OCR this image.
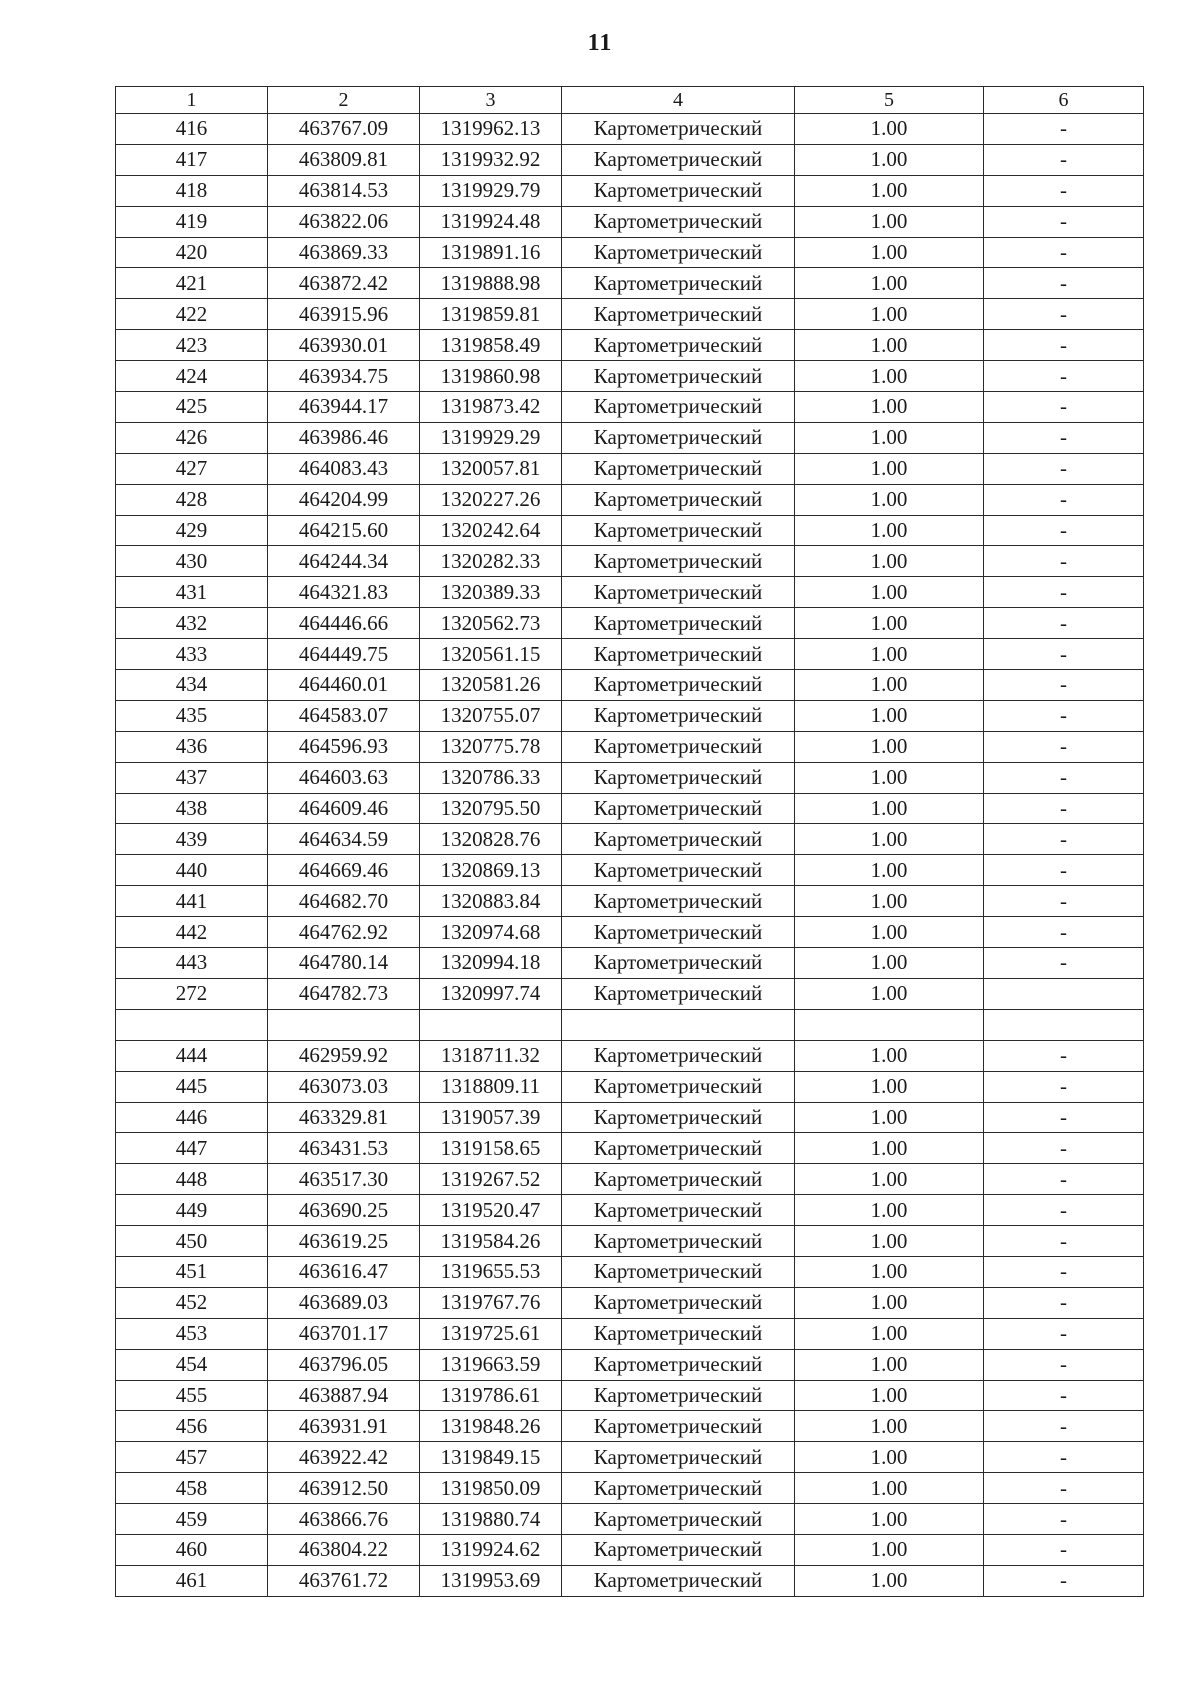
11
1	2	3	4	5	6
416	463767.09	1319962.13	Картометрический	1.00	-
417	463809.81	1319932.92	Картометрический	1.00	-
418	463814.53	1319929.79	Картометрический	1.00	-
419	463822.06	1319924.48	Картометрический	1.00	-
420	463869.33	1319891.16	Картометрический	1.00	-
421	463872.42	1319888.98	Картометрический	1.00	-
422	463915.96	1319859.81	Картометрический	1.00	-
423	463930.01	1319858.49	Картометрический	1.00	-
424	463934.75	1319860.98	Картометрический	1.00	-
425	463944.17	1319873.42	Картометрический	1.00	-
426	463986.46	1319929.29	Картометрический	1.00	-
427	464083.43	1320057.81	Картометрический	1.00	-
428	464204.99	1320227.26	Картометрический	1.00	-
429	464215.60	1320242.64	Картометрический	1.00	-
430	464244.34	1320282.33	Картометрический	1.00	-
431	464321.83	1320389.33	Картометрический	1.00	-
432	464446.66	1320562.73	Картометрический	1.00	-
433	464449.75	1320561.15	Картометрический	1.00	-
434	464460.01	1320581.26	Картометрический	1.00	-
435	464583.07	1320755.07	Картометрический	1.00	-
436	464596.93	1320775.78	Картометрический	1.00	-
437	464603.63	1320786.33	Картометрический	1.00	-
438	464609.46	1320795.50	Картометрический	1.00	-
439	464634.59	1320828.76	Картометрический	1.00	-
440	464669.46	1320869.13	Картометрический	1.00	-
441	464682.70	1320883.84	Картометрический	1.00	-
442	464762.92	1320974.68	Картометрический	1.00	-
443	464780.14	1320994.18	Картометрический	1.00	-
272	464782.73	1320997.74	Картометрический	1.00	

444	462959.92	1318711.32	Картометрический	1.00	-
445	463073.03	1318809.11	Картометрический	1.00	-
446	463329.81	1319057.39	Картометрический	1.00	-
447	463431.53	1319158.65	Картометрический	1.00	-
448	463517.30	1319267.52	Картометрический	1.00	-
449	463690.25	1319520.47	Картометрический	1.00	-
450	463619.25	1319584.26	Картометрический	1.00	-
451	463616.47	1319655.53	Картометрический	1.00	-
452	463689.03	1319767.76	Картометрический	1.00	-
453	463701.17	1319725.61	Картометрический	1.00	-
454	463796.05	1319663.59	Картометрический	1.00	-
455	463887.94	1319786.61	Картометрический	1.00	-
456	463931.91	1319848.26	Картометрический	1.00	-
457	463922.42	1319849.15	Картометрический	1.00	-
458	463912.50	1319850.09	Картометрический	1.00	-
459	463866.76	1319880.74	Картометрический	1.00	-
460	463804.22	1319924.62	Картометрический	1.00	-
461	463761.72	1319953.69	Картометрический	1.00	-
